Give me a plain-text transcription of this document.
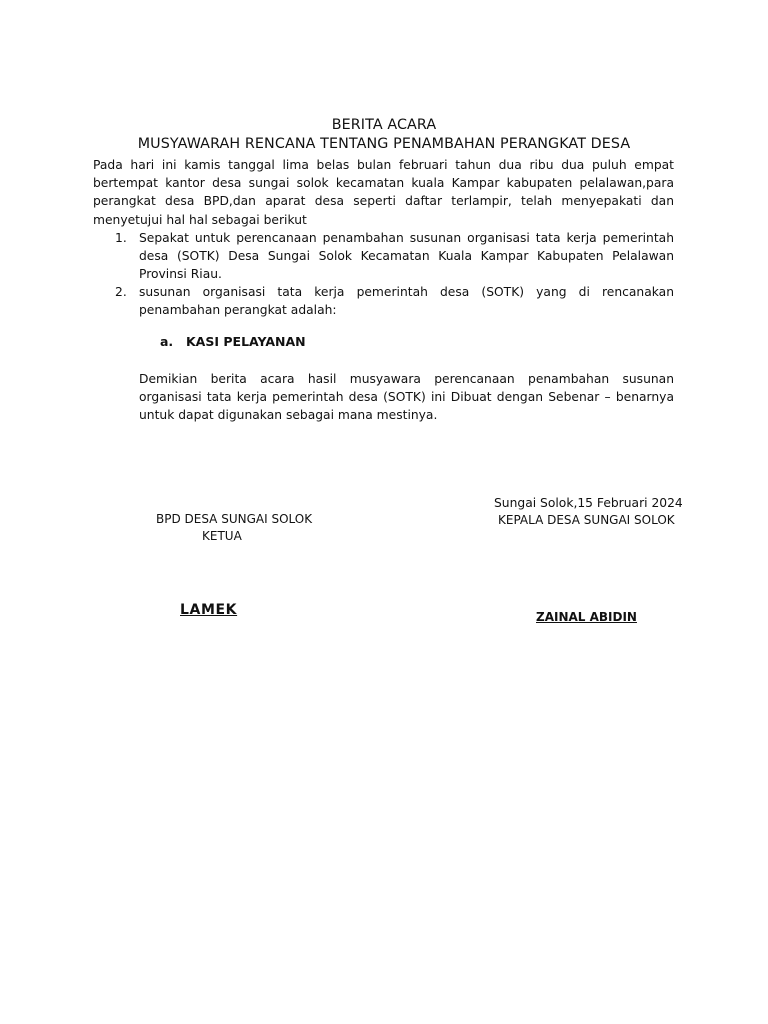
BERITA ACARA
MUSYAWARAH RENCANA TENTANG PENAMBAHAN PERANGKAT DESA
Pada hari ini kamis tanggal lima belas bulan februari tahun dua ribu dua puluh empat
bertempat kantor desa sungai solok kecamatan kuala Kampar kabupaten pelalawan,para
perangkat desa BPD,dan aparat desa seperti daftar terlampir, telah menyepakati dan
menyetujui hal hal sebagai berikut
1. Sepakat untuk perencanaan penambahan susunan organisasi tata kerja pemerintah
desa (SOTK) Desa Sungai Solok Kecamatan Kuala Kampar Kabupaten Pelalawan
Provinsi Riau.
2. susunan organisasi tata kerja pemerintah desa (SOTK) yang di rencanakan
penambahan perangkat adalah:
a. KASI PELAYANAN
Demikian berita acara hasil musyawara perencanaan penambahan susunan
organisasi tata kerja pemerintah desa (SOTK) ini Dibuat dengan Sebenar – benarnya
untuk dapat digunakan sebagai mana mestinya.
Sungai Solok,15 Februari 2024
KEPALA DESA SUNGAI SOLOK
BPD DESA SUNGAI SOLOK
KETUA
LAMEK	ZAINAL ABIDIN
